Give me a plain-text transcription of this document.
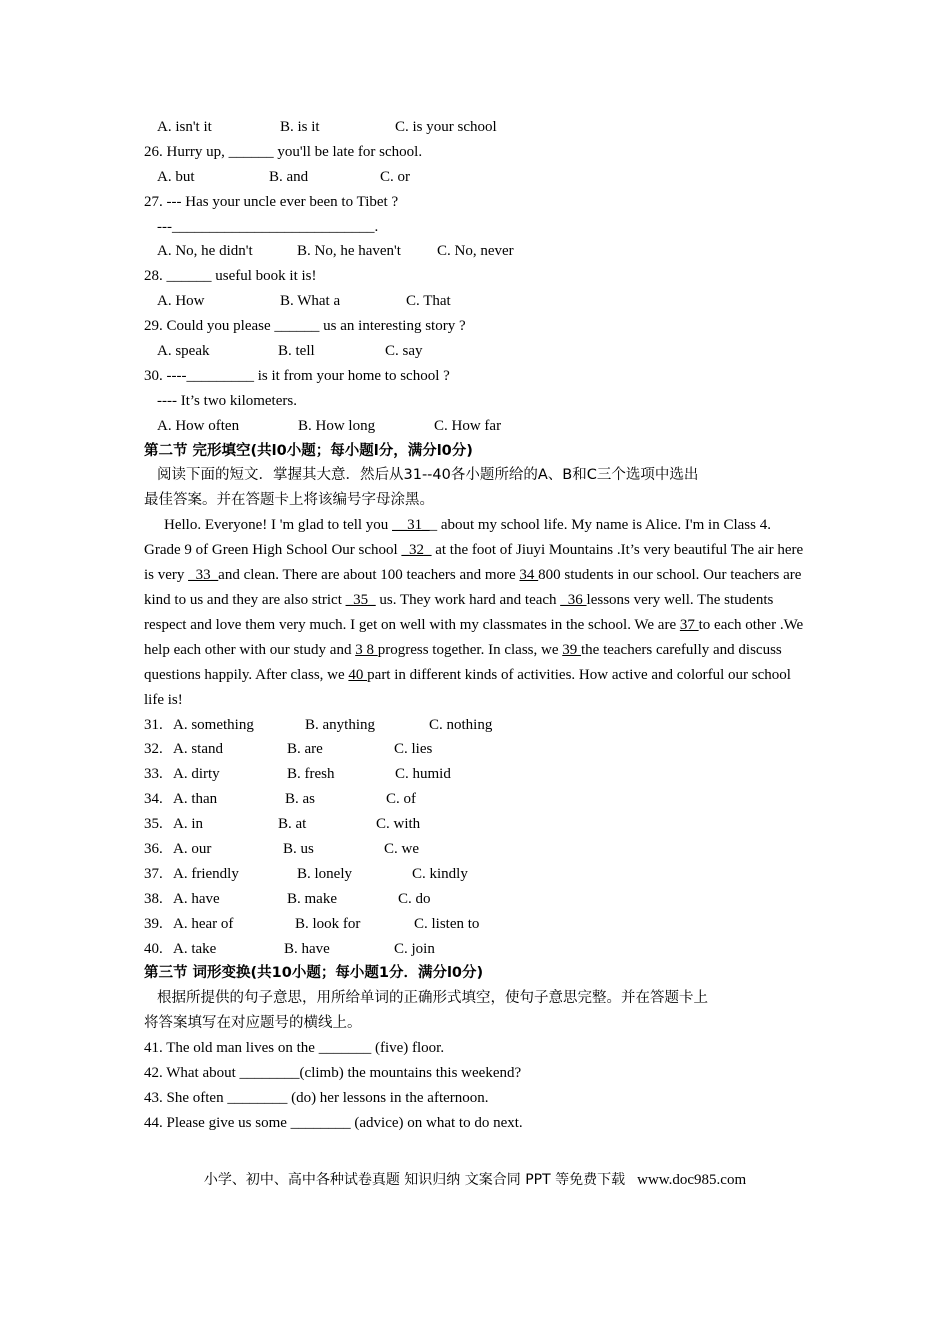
A. isn't it	B. is it	C. is your school
26. Hurry up, ______ you'll be late for school.
A. but	B. and	C. or
27. --- Has your uncle ever been to Tibet ?
---___________________________.
A. No, he didn't	B. No, he haven't C. No, never
28. ______ useful book it is!
A. How	B. What a	C. That
29. Could you please ______ us an interesting story ?
A. speak	B. tell	C. say
30. ----_________ is it from your home to school ?
---- It’s two kilometers.
A. How often	B. How long	C. How far
第二节 完形填空(共l0小题；每小题l分，满分l0分)
阅读下面的短文．掌握其大意．然后从31--40各小题所给的A、B和C三个选项中选出
最佳答案。并在答题卡上将该编号字母涂黑。
Hello. Everyone! I 'm glad to tell you __31__ about my school life. My name is Alice. I'm in Class 4. Grade 9 of Green High School Our school _32_ at the foot of Jiuyi Mountains .It’s very beautiful The air here is very _33_and clean. There are about 100 teachers and more 34 800 students in our school. Our teachers are kind to us and they are also strict _35_ us. They work hard and teach _36 lessons very well. The students respect and love them very much. I get on well with my classmates in the school. We are 37 to each other .We help each other with our study and 3 8 progress together. In class, we 39 the teachers carefully and discuss questions happily. After class, we 40 part in different kinds of activities. How active and colorful our school life is!
31. A. something	B. anything	C. nothing
32. A. stand	B. are	C. lies
33. A. dirty	B. fresh	C. humid
34. A. than	B. as	C. of
35. A. in	B. at	C. with
36. A. our	B. us	C. we
37. A. friendly	B. lonely	C. kindly
38. A. have	B. make	C. do
39. A. hear of	B. look for	C. listen to
40. A. take	B. have	C. join
第三节 词形变换(共10小题；每小题1分．满分l0分)
根据所提供的句子意思，用所给单词的正确形式填空，使句子意思完整。并在答题卡上
将答案填写在对应题号的横线上。
41. The old man lives on the _______ (five) floor.
42. What about ________(climb) the mountains this weekend?
43. She often ________ (do) her lessons in the afternoon.
44. Please give us some ________ (advice) on what to do next.
小学、初中、高中各种试卷真题 知识归纳 文案合同 PPT 等免费下载 www.doc985.com
